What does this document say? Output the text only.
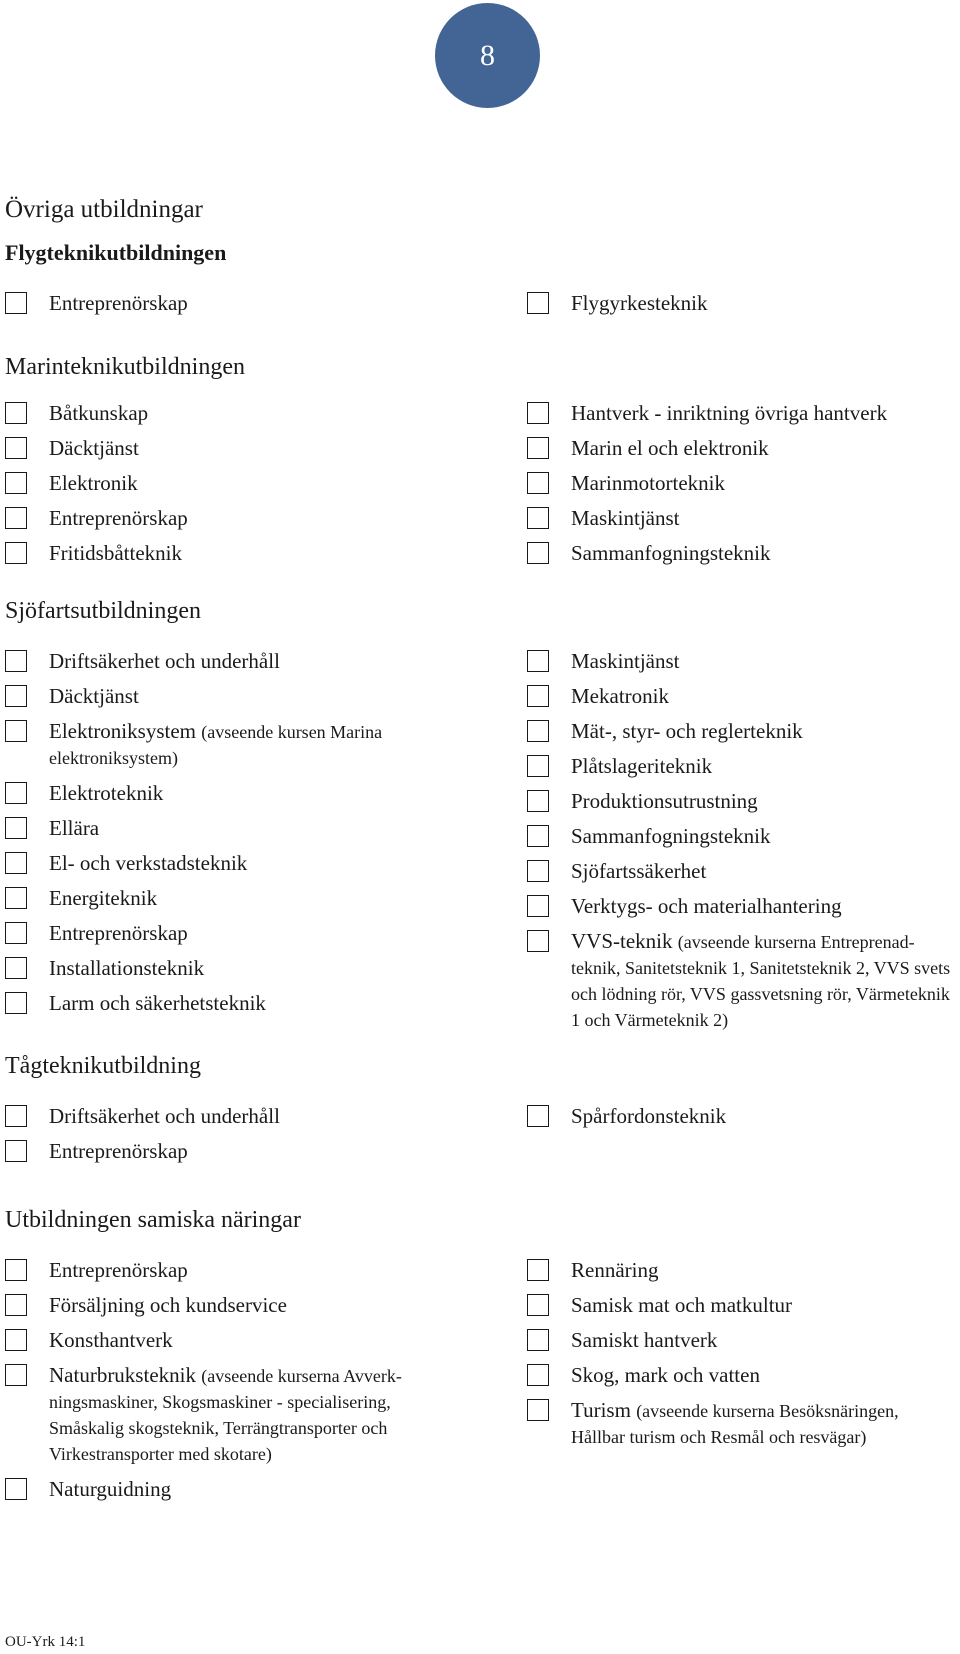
8
Övriga utbildningar
Flygteknikutbildningen
Entreprenörskap	Flygyrkesteknik
Marinteknikutbildningen
Båtkunskap
Däcktjänst
Elektronik
Entreprenörskap
Fritidsbåtteknik
Hantverk - inriktning övriga hantverk
Marin el och elektronik
Marinmotorteknik
Maskintjänst
Sammanfogningsteknik
Sjöfartsutbildningen
Driftsäkerhet och underhåll
Däcktjänst
Elektroniksystem (avseende kursen Marina elektroniksystem)
Elektroteknik
Ellära
El- och verkstadsteknik
Energiteknik
Entreprenörskap
Installationsteknik
Larm och säkerhetsteknik
Maskintjänst
Mekatronik
Mät-, styr- och reglerteknik
Plåtslageriteknik
Produktionsutrustning
Sammanfogningsteknik
Sjöfartssäkerhet
Verktygs- och materialhantering
VVS-teknik (avseende kurserna Entreprenad-teknik, Sanitetsteknik 1, Sanitetsteknik 2, VVS svets och lödning rör, VVS gassvetsning rör, Värmeteknik 1 och Värmeteknik 2)
Tågteknikutbildning
Driftsäkerhet och underhåll
Entreprenörskap
Spårfordonsteknik
Utbildningen samiska näringar
Entreprenörskap
Försäljning och kundservice
Konsthantverk
Naturbruksteknik (avseende kurserna Avverk-ningsmaskiner, Skogsmaskiner - specialisering, Småskalig skogsteknik, Terrängtransporter och Virkestransporter med skotare)
Naturguidning
Rennäring
Samisk mat och matkultur
Samiskt hantverk
Skog, mark och vatten
Turism (avseende kurserna Besöksnäringen, Hållbar turism och Resmål och resvägar)
OU-Yrk 14:1
